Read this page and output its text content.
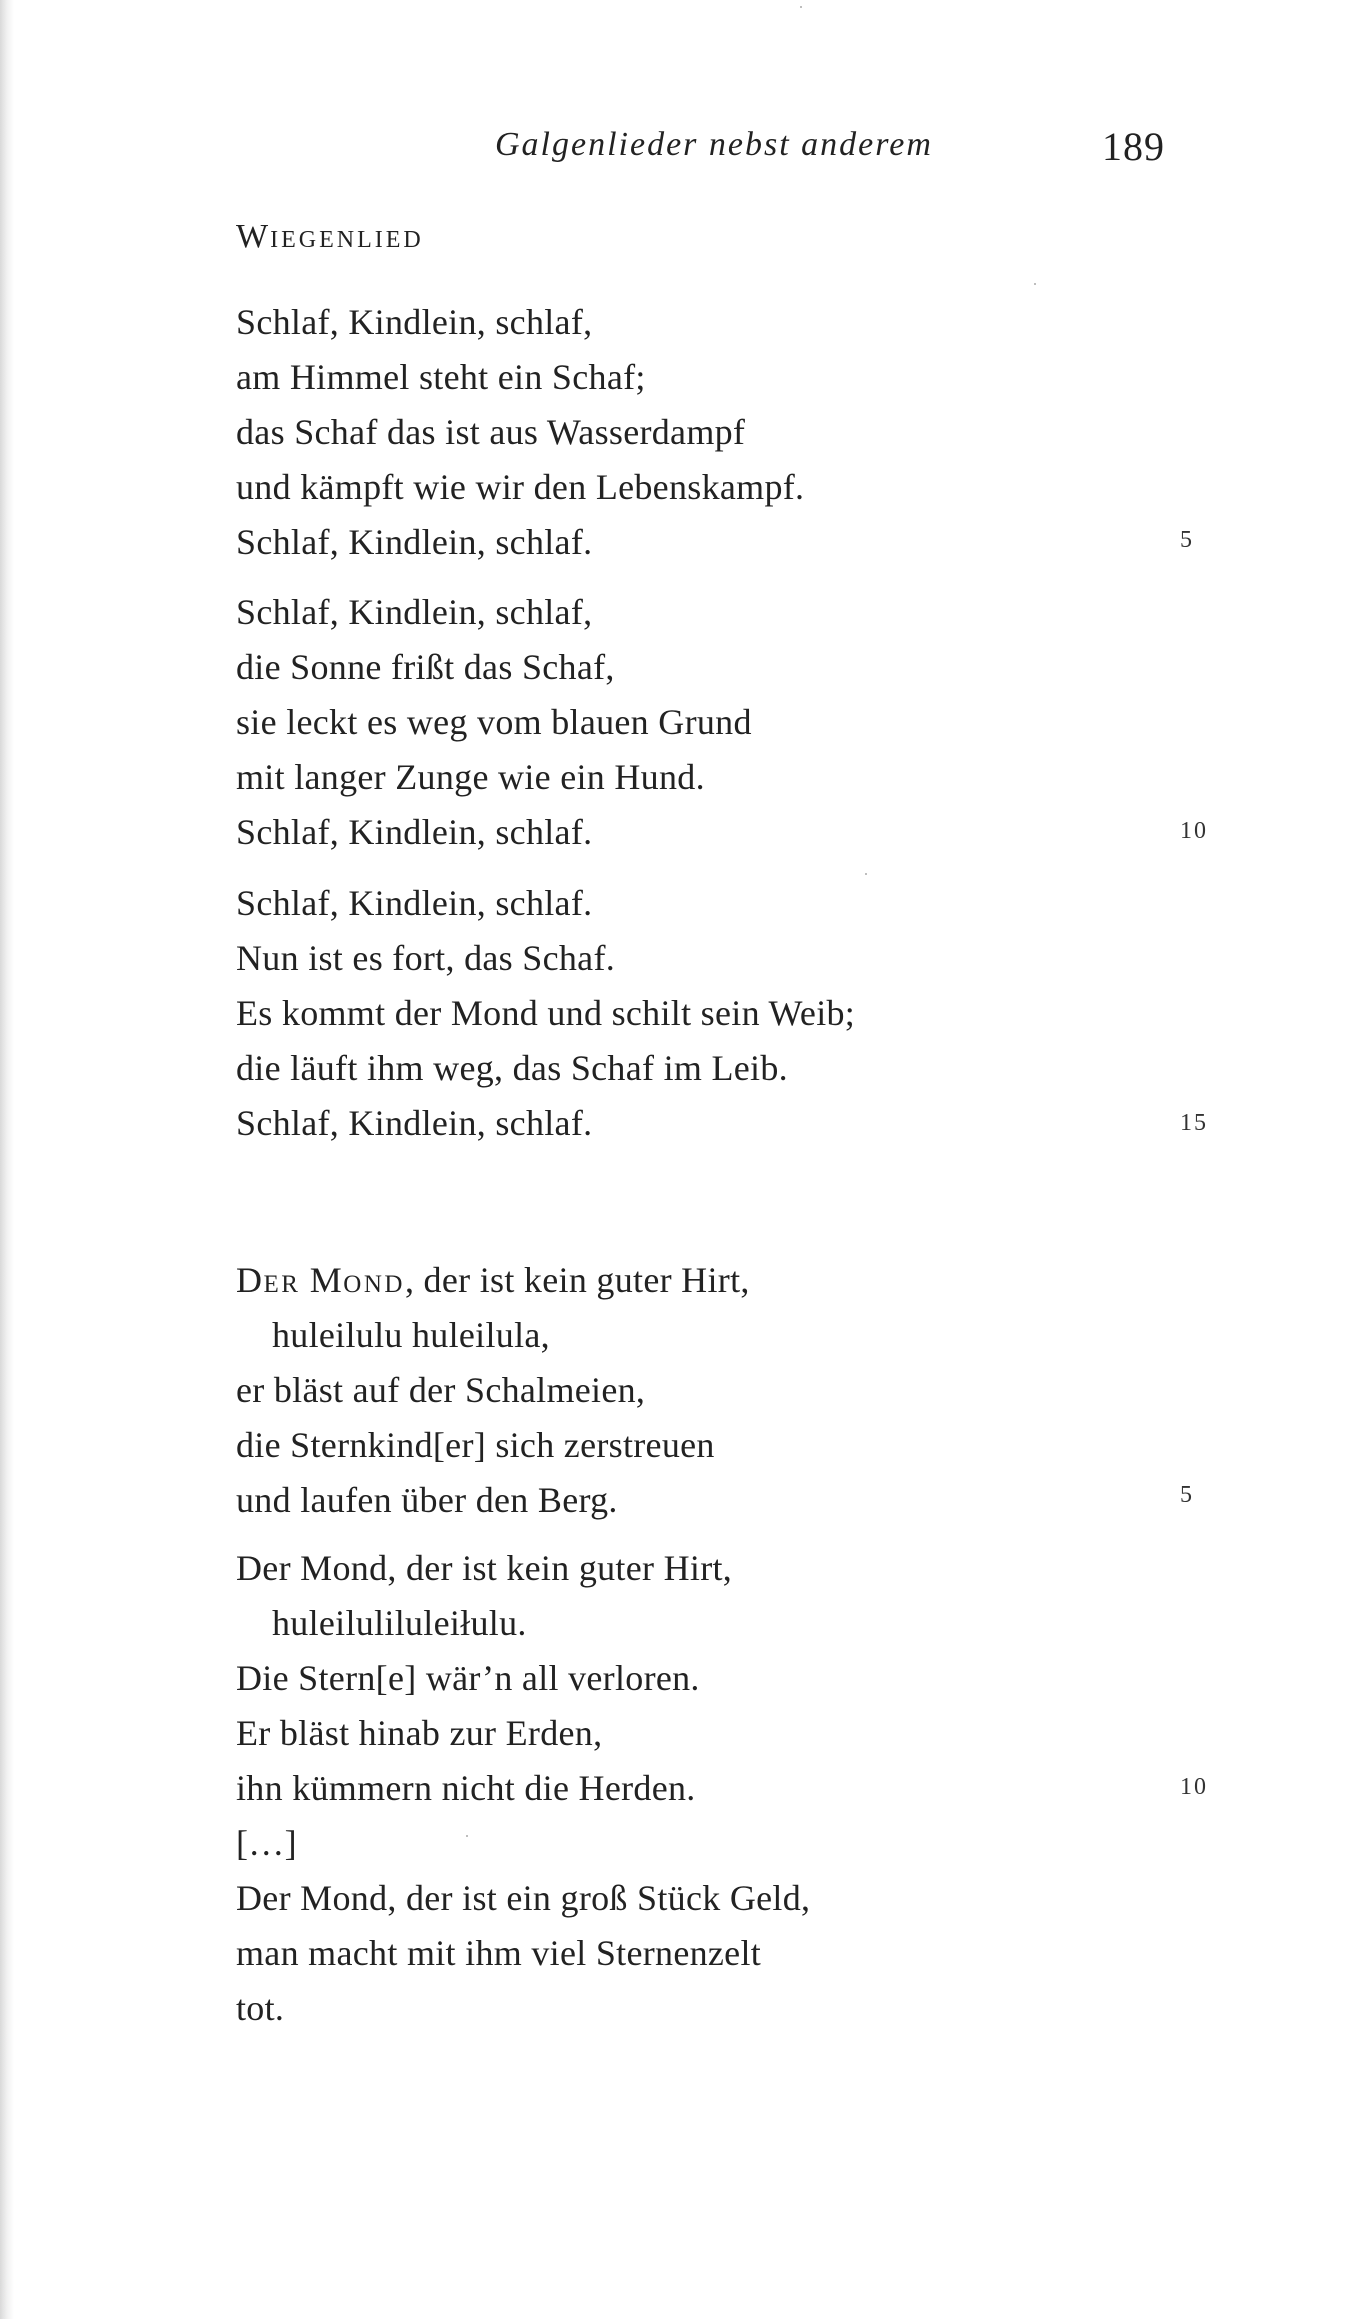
Galgenlieder nebst anderem	189
WIEGENLIED
Schlaf, Kindlein, schlaf,
am Himmel steht ein Schaf;
das Schaf das ist aus Wasserdampf
und kämpft wie wir den Lebenskampf.
Schlaf, Kindlein, schlaf.	5
Schlaf, Kindlein, schlaf,
die Sonne frißt das Schaf,
sie leckt es weg vom blauen Grund
mit langer Zunge wie ein Hund.
Schlaf, Kindlein, schlaf.	10
Schlaf, Kindlein, schlaf.
Nun ist es fort, das Schaf.
Es kommt der Mond und schilt sein Weib;
die läuft ihm weg, das Schaf im Leib.
Schlaf, Kindlein, schlaf.	15
DER MOND, der ist kein guter Hirt,
huleilulu huleilula,
er bläst auf der Schalmeien,
die Sternkind[er] sich zerstreuen
und laufen über den Berg.	5
Der Mond, der ist kein guter Hirt,
huleiluliluleiłulu.
Die Stern[e] wär’n all verloren.
Er bläst hinab zur Erden,
ihn kümmern nicht die Herden.
[…]
Der Mond, der ist ein groß Stück Geld,
man macht mit ihm viel Sternenzelt
tot.
10
